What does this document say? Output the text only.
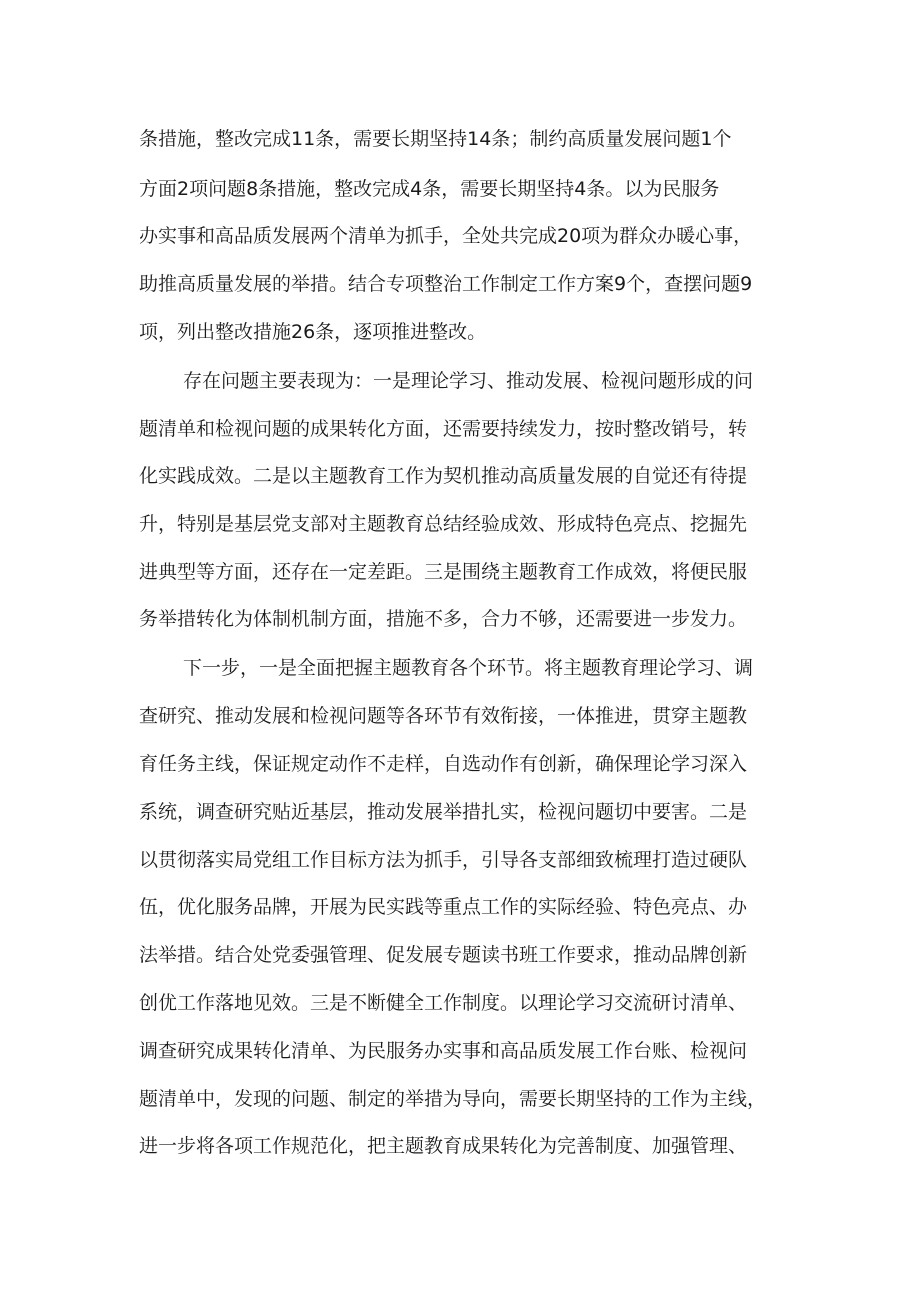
条措施，整改完成11条，需要长期坚持14条；制约高质量发展问题1个
方面2项问题8条措施，整改完成4条，需要长期坚持4条。以为民服务
办实事和高品质发展两个清单为抓手，全处共完成20项为群众办暖心事，
助推高质量发展的举措。结合专项整治工作制定工作方案9个，查摆问题9
项，列出整改措施26条，逐项推进整改。
存在问题主要表现为：一是理论学习、推动发展、检视问题形成的问
题清单和检视问题的成果转化方面，还需要持续发力，按时整改销号，转
化实践成效。二是以主题教育工作为契机推动高质量发展的自觉还有待提
升，特别是基层党支部对主题教育总结经验成效、形成特色亮点、挖掘先
进典型等方面，还存在一定差距。三是围绕主题教育工作成效，将便民服
务举措转化为体制机制方面，措施不多，合力不够，还需要进一步发力。
下一步，一是全面把握主题教育各个环节。将主题教育理论学习、调
查研究、推动发展和检视问题等各环节有效衔接，一体推进，贯穿主题教
育任务主线，保证规定动作不走样，自选动作有创新，确保理论学习深入
系统，调查研究贴近基层，推动发展举措扎实，检视问题切中要害。二是
以贯彻落实局党组工作目标方法为抓手，引导各支部细致梳理打造过硬队
伍，优化服务品牌，开展为民实践等重点工作的实际经验、特色亮点、办
法举措。结合处党委强管理、促发展专题读书班工作要求，推动品牌创新
创优工作落地见效。三是不断健全工作制度。以理论学习交流研讨清单、
调查研究成果转化清单、为民服务办实事和高品质发展工作台账、检视问
题清单中，发现的问题、制定的举措为导向，需要长期坚持的工作为主线，
进一步将各项工作规范化，把主题教育成果转化为完善制度、加强管理、
